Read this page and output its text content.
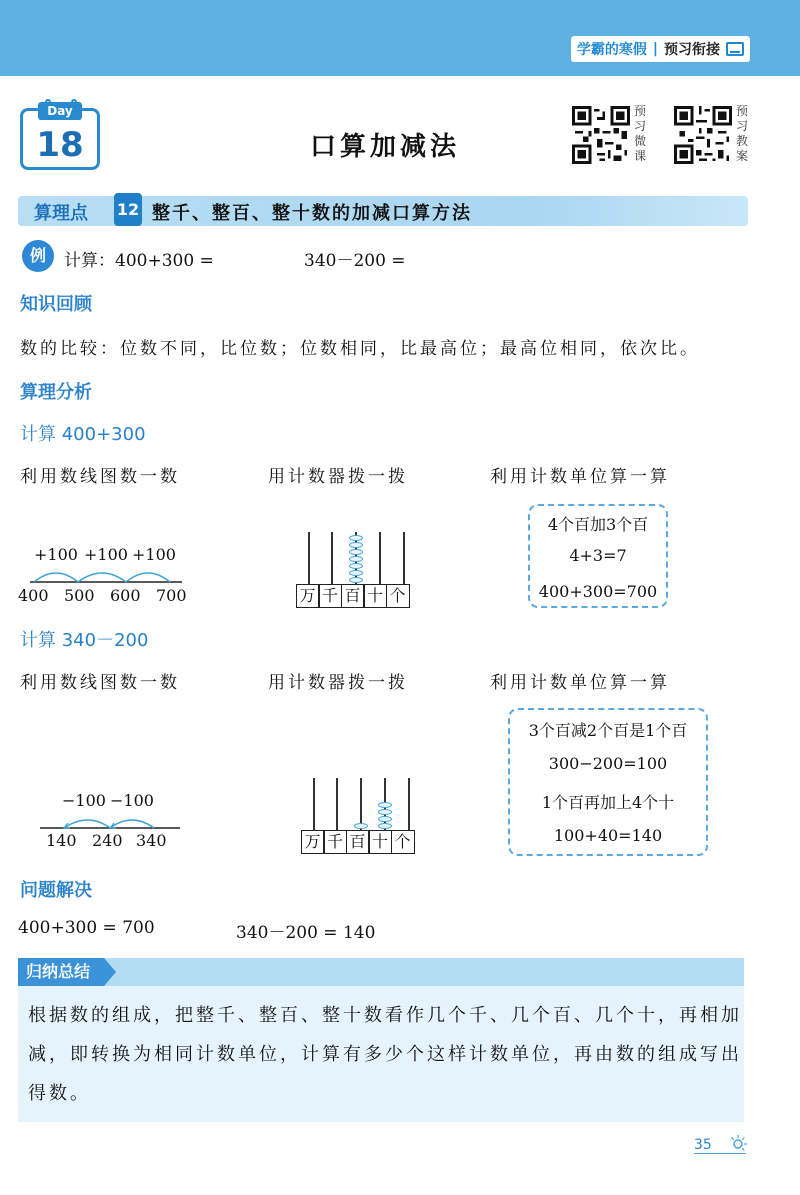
学霸的寒假 | 预习衔接
Day
18	口算加减法
预习微课
预习教案
算理点 12 整千、整百、整十数的加减口算方法
例	计算：400+300 =	340－200 =
知识回顾
数的比较：位数不同，比位数；位数相同，比最高位；最高位相同，依次比。
算理分析
计算 400+300
利用数线图数一数	用计数器拨一拨	利用计数单位算一算
+100 +100 +100
400 500 600 700	万 千 百 十 个
4个百加3个百
4+3=7
400+300=700
计算 340－200
利用数线图数一数	用计数器拨一拨	利用计数单位算一算
−100 −100
140 240 340	万 千 百 十 个
3个百减2个百是1个百
300−200=100
1个百再加上4个十
100+40=140
问题解决
400+300 = 700	340－200 = 140
归纳总结
根据数的组成，把整千、整百、整十数看作几个千、几个百、几个十，再相加减，即转换为相同计数单位，计算有多少个这样计数单位，再由数的组成写出得数。
35
